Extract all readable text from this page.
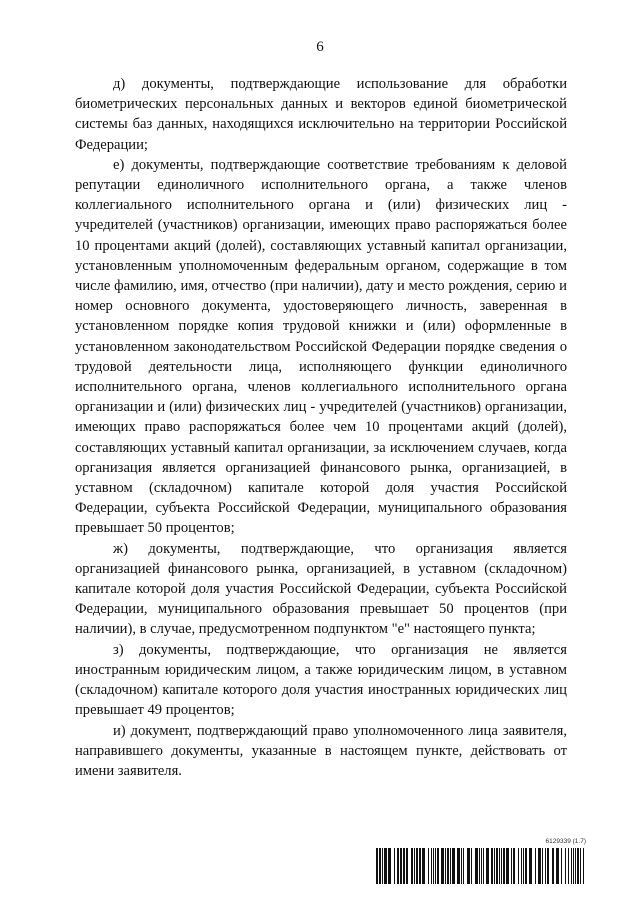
6

д) документы, подтверждающие использование для обработки биометрических персональных данных и векторов единой биометрической системы баз данных, находящихся исключительно на территории Российской Федерации;

е) документы, подтверждающие соответствие требованиям к деловой репутации единоличного исполнительного органа, а также членов коллегиального исполнительного органа и (или) физических лиц - учредителей (участников) организации, имеющих право распоряжаться более 10 процентами акций (долей), составляющих уставный капитал организации, установленным уполномоченным федеральным органом, содержащие в том числе фамилию, имя, отчество (при наличии), дату и место рождения, серию и номер основного документа, удостоверяющего личность, заверенная в установленном порядке копия трудовой книжки и (или) оформленные в установленном законодательством Российской Федерации порядке сведения о трудовой деятельности лица, исполняющего функции единоличного исполнительного органа, членов коллегиального исполнительного органа организации и (или) физических лиц - учредителей (участников) организации, имеющих право распоряжаться более чем 10 процентами акций (долей), составляющих уставный капитал организации, за исключением случаев, когда организация является организацией финансового рынка, организацией, в уставном (складочном) капитале которой доля участия Российской Федерации, субъекта Российской Федерации, муниципального образования превышает 50 процентов;

ж) документы, подтверждающие, что организация является организацией финансового рынка, организацией, в уставном (складочном) капитале которой доля участия Российской Федерации, субъекта Российской Федерации, муниципального образования превышает 50 процентов (при наличии), в случае, предусмотренном подпунктом "е" настоящего пункта;

з) документы, подтверждающие, что организация не является иностранным юридическим лицом, а также юридическим лицом, в уставном (складочном) капитале которого доля участия иностранных юридических лиц превышает 49 процентов;

и) документ, подтверждающий право уполномоченного лица заявителя, направившего документы, указанные в настоящем пункте, действовать от имени заявителя.

6129339 (1.7)
